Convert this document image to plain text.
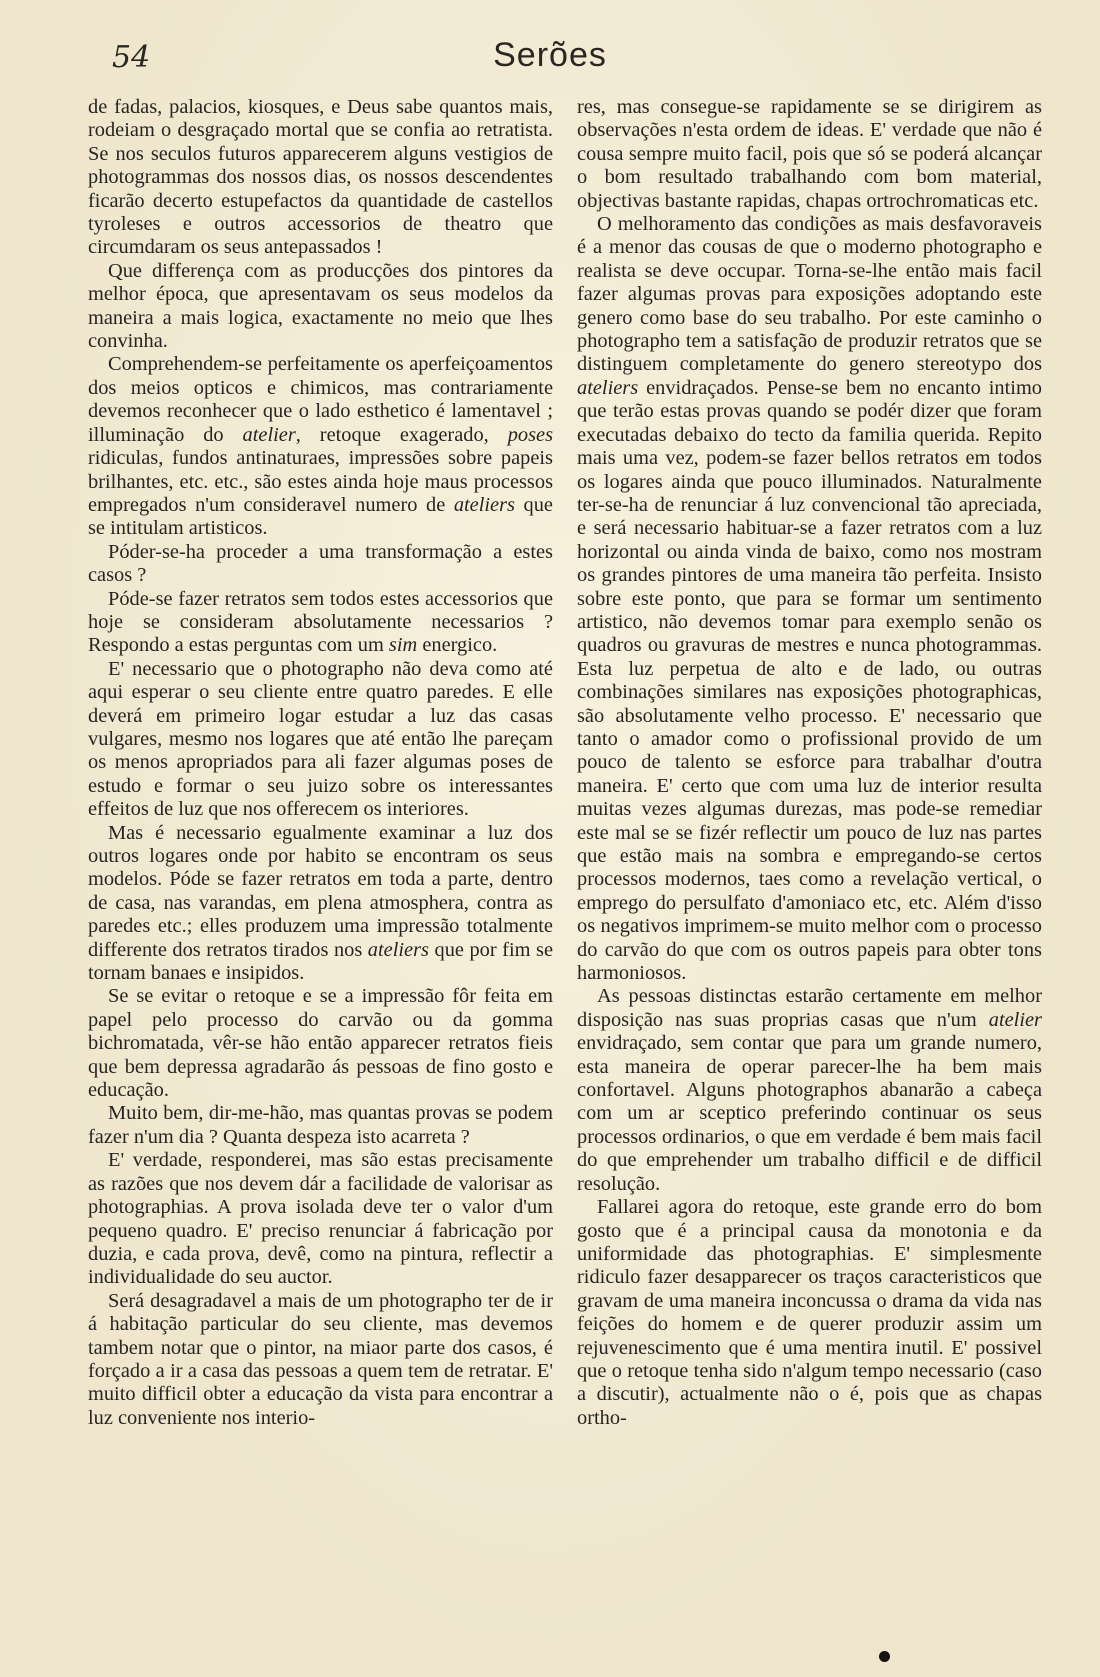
54	Serões

de fadas, palacios, kiosques, e Deus sabe quantos mais, rodeiam o desgraçado mortal que se confia ao retratista. Se nos seculos futuros apparecerem alguns vestigios de photogrammas dos nossos dias, os nossos descendentes ficarão decerto estupefactos da quantidade de castellos tyroleses e outros accessorios de theatro que circumdaram os seus antepassados !

Que differença com as producções dos pintores da melhor época, que apresentavam os seus modelos da maneira a mais logica, exactamente no meio que lhes convinha.

Comprehendem-se perfeitamente os aperfeiçoamentos dos meios opticos e chimicos, mas contrariamente devemos reconhecer que o lado esthetico é lamentavel ; illuminação do atelier, retoque exagerado, poses ridiculas, fundos antinaturaes, impressões sobre papeis brilhantes, etc. etc., são estes ainda hoje maus processos empregados n'um consideravel numero de ateliers que se intitulam artisticos.

Póder-se-ha proceder a uma transformação a estes casos ?

Póde-se fazer retratos sem todos estes accessorios que hoje se consideram absolutamente necessarios ? Respondo a estas perguntas com um sim energico.

E' necessario que o photographo não deva como até aqui esperar o seu cliente entre quatro paredes. E elle deverá em primeiro logar estudar a luz das casas vulgares, mesmo nos logares que até então lhe pareçam os menos apropriados para ali fazer algumas poses de estudo e formar o seu juizo sobre os interessantes effeitos de luz que nos offerecem os interiores.

Mas é necessario egualmente examinar a luz dos outros logares onde por habito se encontram os seus modelos. Póde se fazer retratos em toda a parte, dentro de casa, nas varandas, em plena atmosphera, contra as paredes etc.; elles produzem uma impressão totalmente differente dos retratos tirados nos ateliers que por fim se tornam banaes e insipidos.

Se se evitar o retoque e se a impressão fôr feita em papel pelo processo do carvão ou da gomma bichromatada, vêr-se hão então apparecer retratos fieis que bem depressa agradarão ás pessoas de fino gosto e educação.

Muito bem, dir-me-hão, mas quantas provas se podem fazer n'um dia ? Quanta despeza isto acarreta ?

E' verdade, responderei, mas são estas precisamente as razões que nos devem dár a facilidade de valorisar as photographias. A prova isolada deve ter o valor d'um pequeno quadro. E' preciso renunciar á fabricação por duzia, e cada prova, devê, como na pintura, reflectir a individualidade do seu auctor.

Será desagradavel a mais de um photographo ter de ir á habitação particular do seu cliente, mas devemos tambem notar que o pintor, na miaor parte dos casos, é forçado a ir a casa das pessoas a quem tem de retratar. E' muito difficil obter a educação da vista para encontrar a luz conveniente nos interio-

res, mas consegue-se rapidamente se se dirigirem as observações n'esta ordem de ideas. E' verdade que não é cousa sempre muito facil, pois que só se poderá alcançar o bom resultado trabalhando com bom material, objectivas bastante rapidas, chapas ortrochromaticas etc.

O melhoramento das condições as mais desfavoraveis é a menor das cousas de que o moderno photographo e realista se deve occupar. Torna-se-lhe então mais facil fazer algumas provas para exposições adoptando este genero como base do seu trabalho. Por este caminho o photographo tem a satisfação de produzir retratos que se distinguem completamente do genero stereotypo dos ateliers envidraçados. Pense-se bem no encanto intimo que terão estas provas quando se podér dizer que foram executadas debaixo do tecto da familia querida. Repito mais uma vez, podem-se fazer bellos retratos em todos os logares ainda que pouco illuminados. Naturalmente ter-se-ha de renunciar á luz convencional tão apreciada, e será necessario habituar-se a fazer retratos com a luz horizontal ou ainda vinda de baixo, como nos mostram os grandes pintores de uma maneira tão perfeita. Insisto sobre este ponto, que para se formar um sentimento artistico, não devemos tomar para exemplo senão os quadros ou gravuras de mestres e nunca photogrammas. Esta luz perpetua de alto e de lado, ou outras combinações similares nas exposições photographicas, são absolutamente velho processo. E' necessario que tanto o amador como o profissional provido de um pouco de talento se esforce para trabalhar d'outra maneira. E' certo que com uma luz de interior resulta muitas vezes algumas durezas, mas pode-se remediar este mal se se fizér reflectir um pouco de luz nas partes que estão mais na sombra e empregando-se certos processos modernos, taes como a revelação vertical, o emprego do persulfato d'amoniaco etc, etc. Além d'isso os negativos imprimem-se muito melhor com o processo do carvão do que com os outros papeis para obter tons harmoniosos.

As pessoas distinctas estarão certamente em melhor disposição nas suas proprias casas que n'um atelier envidraçado, sem contar que para um grande numero, esta maneira de operar parecer-lhe ha bem mais confortavel. Alguns photographos abanarão a cabeça com um ar sceptico preferindo continuar os seus processos ordinarios, o que em verdade é bem mais facil do que emprehender um trabalho difficil e de difficil resolução.

Fallarei agora do retoque, este grande erro do bom gosto que é a principal causa da monotonia e da uniformidade das photographias. E' simplesmente ridiculo fazer desapparecer os traços caracteristicos que gravam de uma maneira inconcussa o drama da vida nas feições do homem e de querer produzir assim um rejuvenescimento que é uma mentira inutil. E' possivel que o retoque tenha sido n'algum tempo necessario (caso a discutir), actualmente não o é, pois que as chapas ortho-
